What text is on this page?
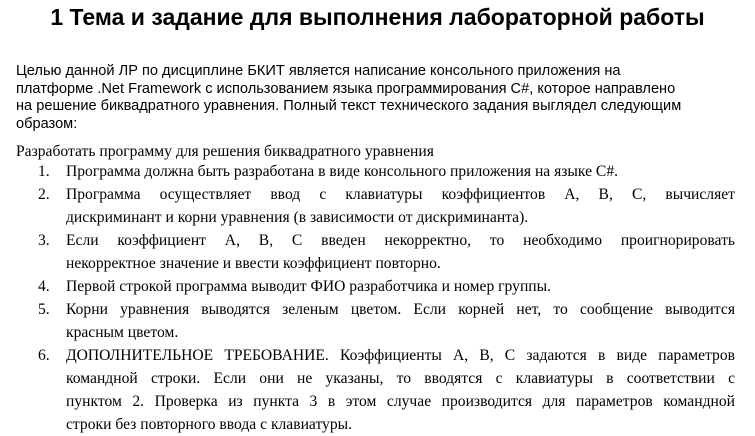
1 Тема и задание для выполнения лабораторной работы

Целью данной ЛР по дисциплине БКИТ является написание консольного приложения на
платформе .Net Framework с использованием языка программирования C#, которое направлено
на решение биквадратного уравнения. Полный текст технического задания выглядел следующим
образом:

Разработать программу для решения биквадратного уравнения

1.	Программа должна быть разработана в виде консольного приложения на языке C#.
2.	Программа осуществляет ввод с клавиатуры коэффициентов А, В, С, вычисляет
дискриминант и корни уравнения (в зависимости от дискриминанта).
3.	Если коэффициент А, В, С введен некорректно, то необходимо проигнорировать
некорректное значение и ввести коэффициент повторно.
4.	Первой строкой программа выводит ФИО разработчика и номер группы.
5.	Корни уравнения выводятся зеленым цветом. Если корней нет, то сообщение выводится
красным цветом.
6.	ДОПОЛНИТЕЛЬНОЕ ТРЕБОВАНИЕ. Коэффициенты А, В, С задаются в виде параметров
командной строки. Если они не указаны, то вводятся с клавиатуры в соответствии с
пунктом 2. Проверка из пункта 3 в этом случае производится для параметров командной
строки без повторного ввода с клавиатуры.
